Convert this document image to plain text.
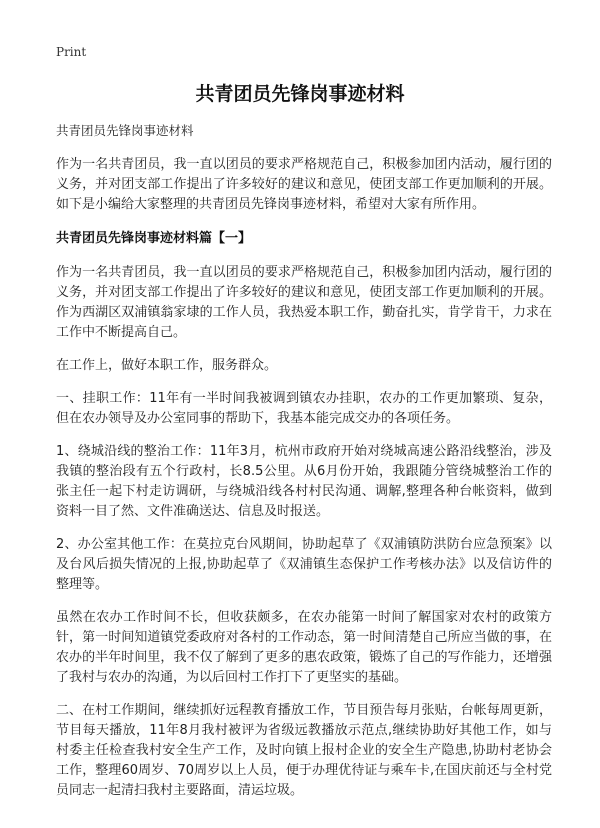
Print
共青团员先锋岗事迹材料
共青团员先锋岗事迹材料

作为一名共青团员，我一直以团员的要求严格规范自己，积极参加团内活动，履行团的义务，并对团支部工作提出了许多较好的建议和意见，使团支部工作更加顺利的开展。如下是小编给大家整理的共青团员先锋岗事迹材料，希望对大家有所作用。

共青团员先锋岗事迹材料篇【一】

作为一名共青团员，我一直以团员的要求严格规范自己，积极参加团内活动，履行团的义务，并对团支部工作提出了许多较好的建议和意见，使团支部工作更加顺利的开展。作为西湖区双浦镇翁家埭的工作人员，我热爱本职工作，勤奋扎实，肯学肯干，力求在工作中不断提高自己。

在工作上，做好本职工作，服务群众。

一、挂职工作：11年有一半时间我被调到镇农办挂职，农办的工作更加繁琐、复杂，但在农办领导及办公室同事的帮助下，我基本能完成交办的各项任务。

1、绕城沿线的整治工作：11年3月，杭州市政府开始对绕城高速公路沿线整治，涉及我镇的整治段有五个行政村，长8.5公里。从6月份开始，我跟随分管绕城整治工作的张主任一起下村走访调研，与绕城沿线各村村民沟通、调解,整理各种台帐资料，做到资料一目了然、文件准确送达、信息及时报送。

2、办公室其他工作：在莫拉克台风期间，协助起草了《双浦镇防洪防台应急预案》以及台风后损失情况的上报,协助起草了《双浦镇生态保护工作考核办法》以及信访件的整理等。

虽然在农办工作时间不长，但收获颇多，在农办能第一时间了解国家对农村的政策方针，第一时间知道镇党委政府对各村的工作动态，第一时间清楚自己所应当做的事，在农办的半年时间里，我不仅了解到了更多的惠农政策，锻炼了自己的写作能力，还增强了我村与农办的沟通，为以后回村工作打下了更坚实的基础。

二、在村工作期间，继续抓好远程教育播放工作，节目预告每月张贴，台帐每周更新，节目每天播放，11年8月我村被评为省级远教播放示范点,继续协助好其他工作，如与村委主任检查我村安全生产工作，及时向镇上报村企业的安全生产隐患,协助村老协会工作，整理60周岁、70周岁以上人员，便于办理优待证与乘车卡,在国庆前还与全村党员同志一起清扫我村主要路面，清运垃圾。
